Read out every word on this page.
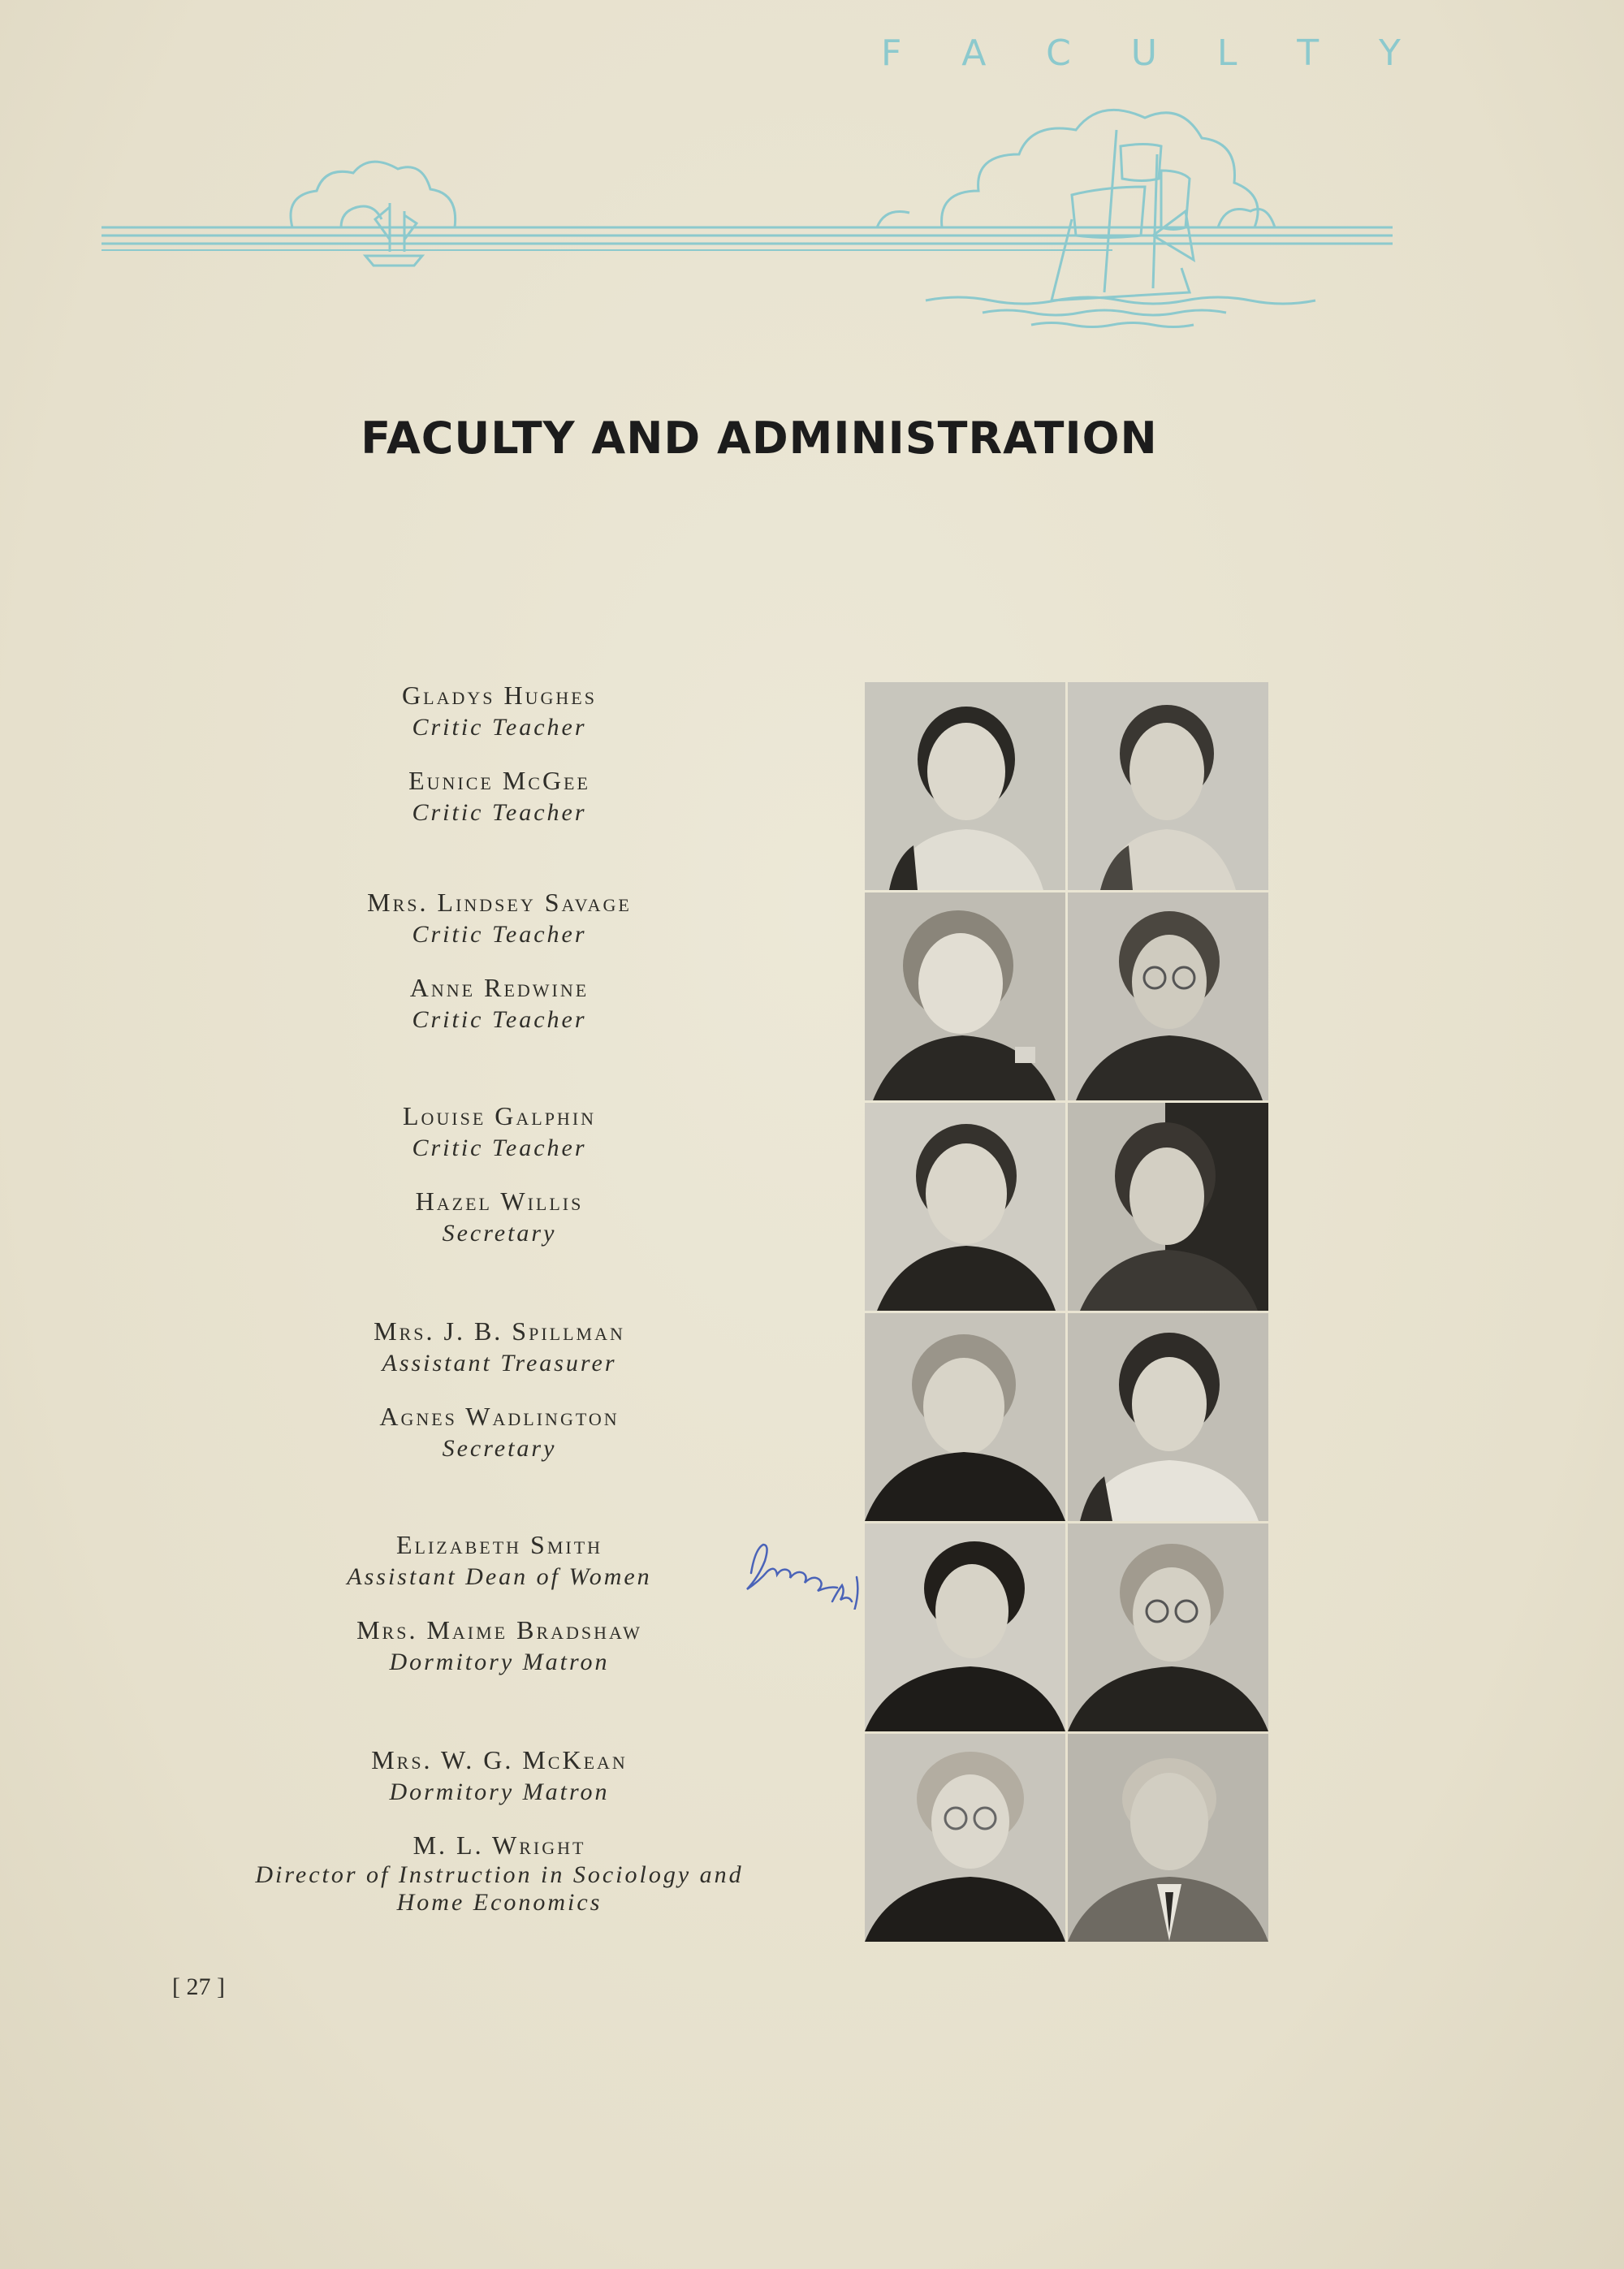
F A C U L T Y
FACULTY AND ADMINISTRATION
Gladys Hughes
Critic Teacher
Eunice McGee
Critic Teacher
Mrs. Lindsey Savage
Critic Teacher
Anne Redwine
Critic Teacher
Louise Galphin
Critic Teacher
Hazel Willis
Secretary
Mrs. J. B. Spillman
Assistant Treasurer
Agnes Wadlington
Secretary
Elizabeth Smith
Assistant Dean of Women
Mrs. Maime Bradshaw
Dormitory Matron
Mrs. W. G. McKean
Dormitory Matron
M. L. Wright
Director of Instruction in Sociology and Home Economics
[ 27 ]
